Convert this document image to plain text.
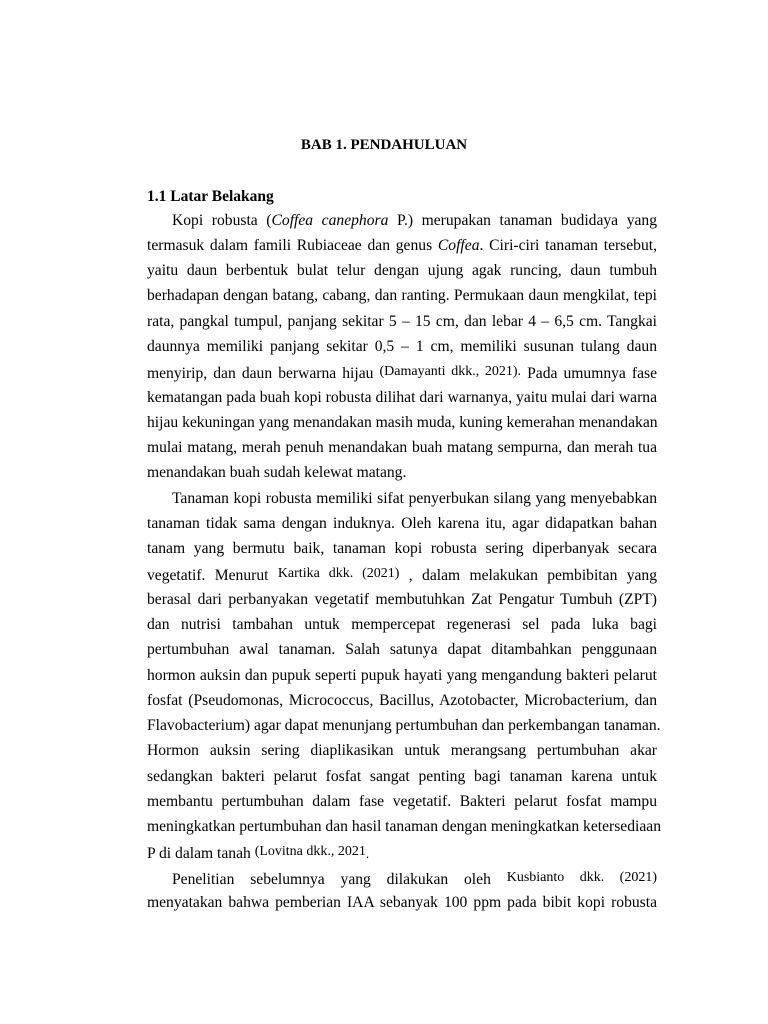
BAB 1. PENDAHULUAN
1.1 Latar Belakang
Kopi robusta (Coffea canephora P.) merupakan tanaman budidaya yang
termasuk dalam famili Rubiaceae dan genus Coffea. Ciri-ciri tanaman tersebut,
yaitu daun berbentuk bulat telur dengan ujung agak runcing, daun tumbuh
berhadapan dengan batang, cabang, dan ranting. Permukaan daun mengkilat, tepi
rata, pangkal tumpul, panjang sekitar 5 – 15 cm, dan lebar 4 – 6,5 cm. Tangkai
daunnya memiliki panjang sekitar 0,5 – 1 cm, memiliki susunan tulang daun
menyirip, dan daun berwarna hijau (Damayanti dkk., 2021). Pada umumnya fase
kematangan pada buah kopi robusta dilihat dari warnanya, yaitu mulai dari warna
hijau kekuningan yang menandakan masih muda, kuning kemerahan menandakan
mulai matang, merah penuh menandakan buah matang sempurna, dan merah tua
menandakan buah sudah kelewat matang.
Tanaman kopi robusta memiliki sifat penyerbukan silang yang menyebabkan
tanaman tidak sama dengan induknya. Oleh karena itu, agar didapatkan bahan
tanam yang bermutu baik, tanaman kopi robusta sering diperbanyak secara
vegetatif. Menurut Kartika dkk. (2021) , dalam melakukan pembibitan yang
berasal dari perbanyakan vegetatif membutuhkan Zat Pengatur Tumbuh (ZPT)
dan nutrisi tambahan untuk mempercepat regenerasi sel pada luka bagi
pertumbuhan awal tanaman. Salah satunya dapat ditambahkan penggunaan
hormon auksin dan pupuk seperti pupuk hayati yang mengandung bakteri pelarut
fosfat (Pseudomonas, Micrococcus, Bacillus, Azotobacter, Microbacterium, dan
Flavobacterium) agar dapat menunjang pertumbuhan dan perkembangan tanaman.
Hormon auksin sering diaplikasikan untuk merangsang pertumbuhan akar
sedangkan bakteri pelarut fosfat sangat penting bagi tanaman karena untuk
membantu pertumbuhan dalam fase vegetatif. Bakteri pelarut fosfat mampu
meningkatkan pertumbuhan dan hasil tanaman dengan meningkatkan ketersediaan
P di dalam tanah (Lovitna dkk., 2021.
Penelitian sebelumnya yang dilakukan oleh Kusbianto dkk. (2021)
menyatakan bahwa pemberian IAA sebanyak 100 ppm pada bibit kopi robusta
